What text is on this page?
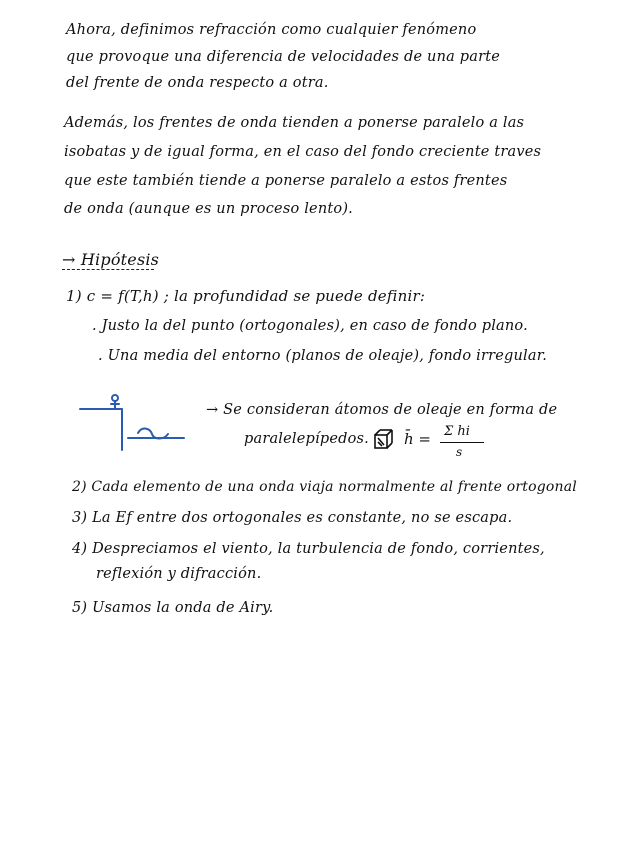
Ahora, definimos refracción como cualquier fenómeno
que provoque una diferencia de velocidades de una parte
del frente de onda respecto a otra.
Además, los frentes de onda tienden a ponerse paralelo a las
isobatas y de igual forma, en el caso del fondo creciente traves
que este también tiende a ponerse paralelo a estos frentes
de onda (aunque es un proceso lento).
→ Hipótesis
1) c = f(T,h) ; la profundidad se puede definir:
. Justo la del punto (ortogonales), en caso de fondo plano.
. Una media del entorno (planos de oleaje), fondo irregular.
→ Se consideran átomos de oleaje en forma de
paralelepípedos. h̄ = Σ hi
s
2) Cada elemento de una onda viaja normalmente al frente ortogonal
3) La Ef entre dos ortogonales es constante, no se escapa.
4) Despreciamos el viento, la turbulencia de fondo, corrientes,
reflexión y difracción.
5) Usamos la onda de Airy.
